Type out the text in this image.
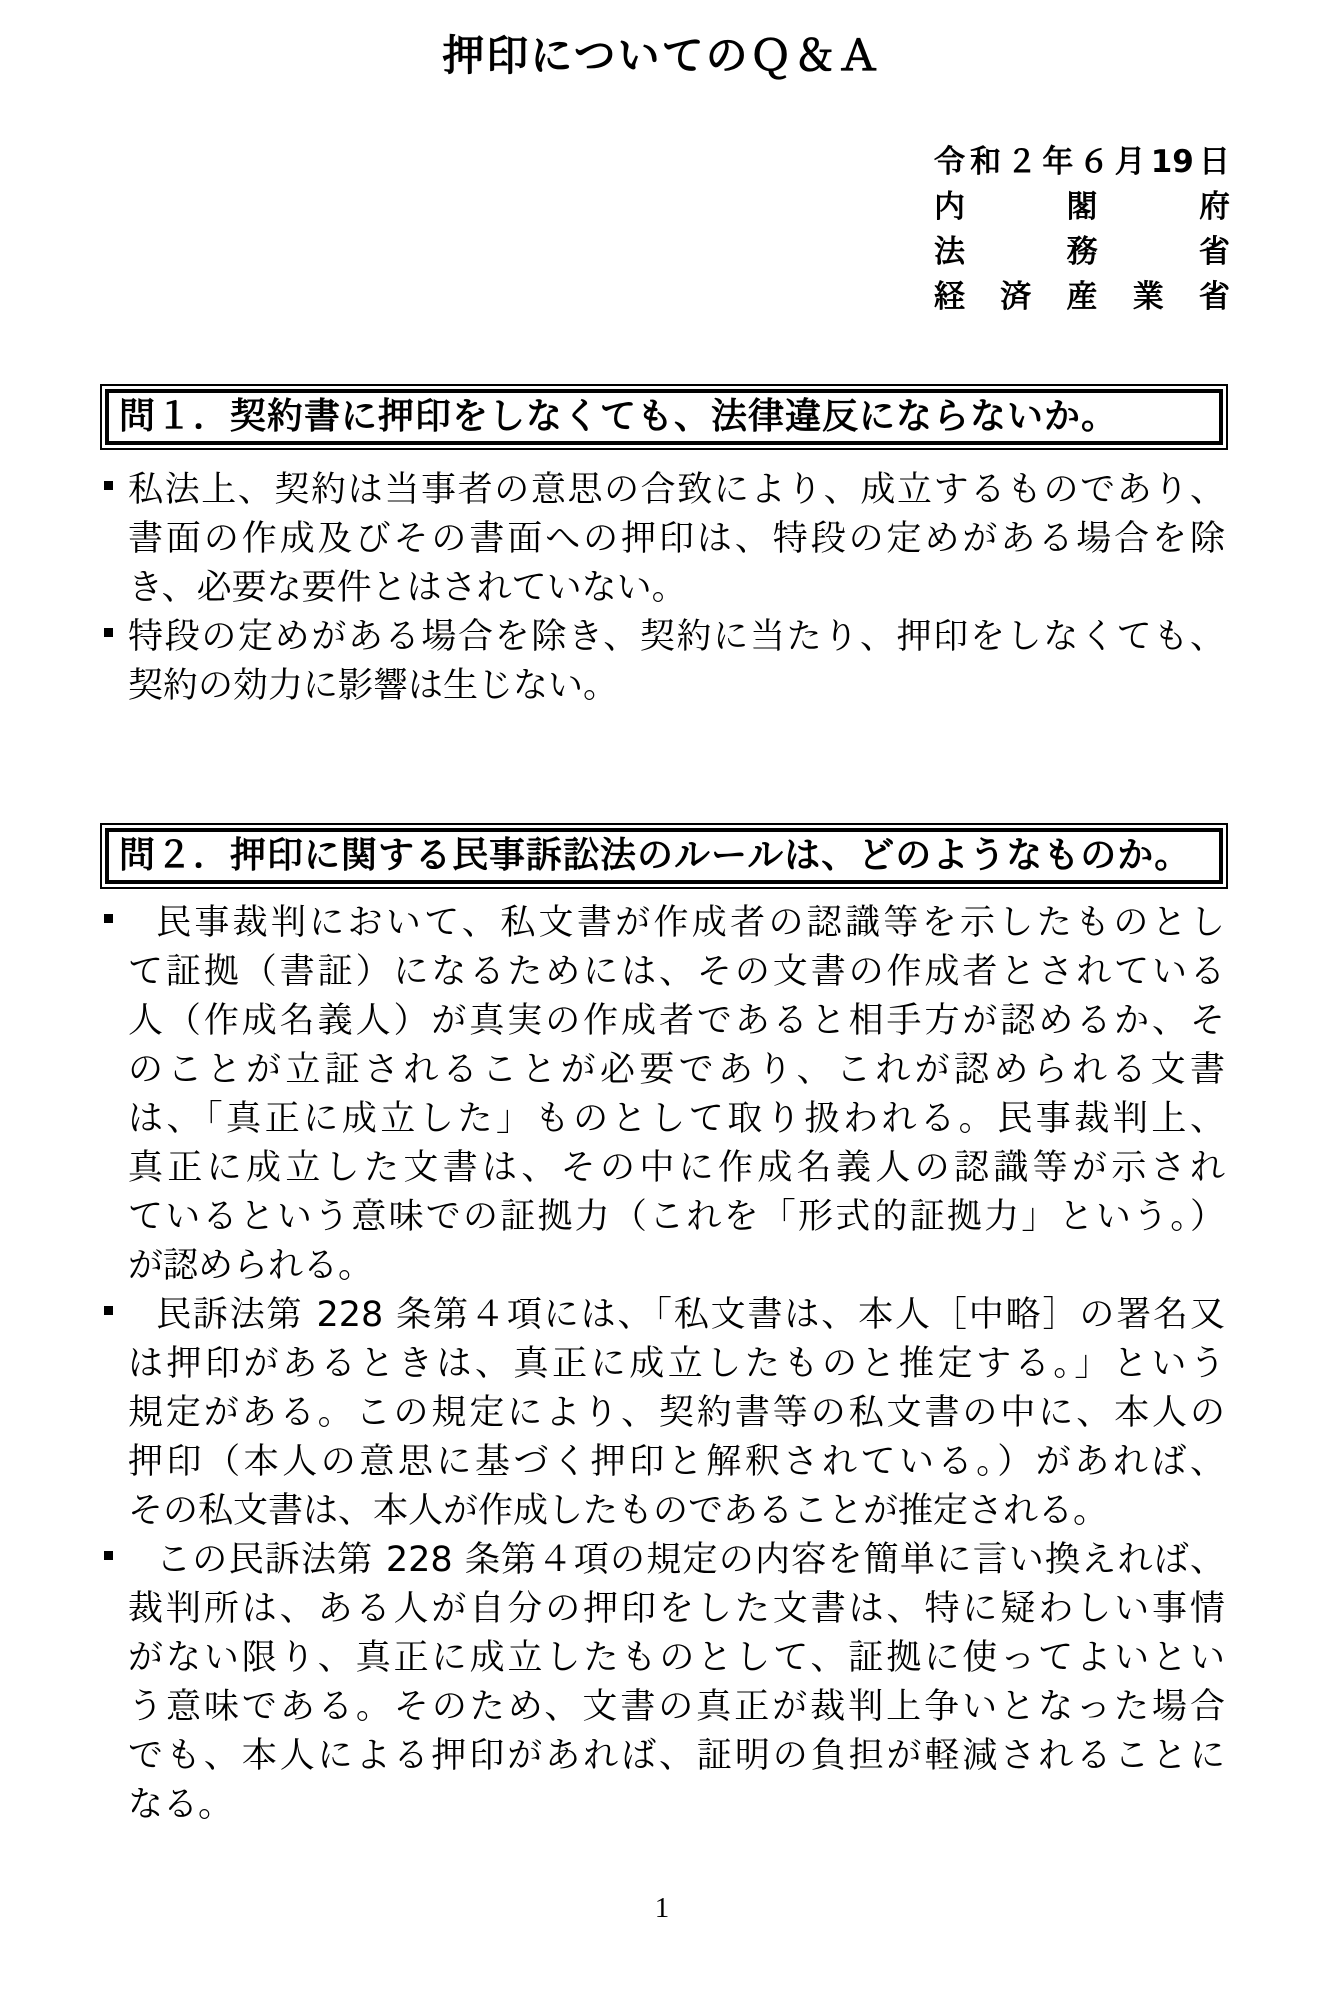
押印についてのＱ＆Ａ
令和２年６月19日
内	閣	府
法	務	省
経 済 産 業 省
問１．契約書に押印をしなくても、法律違反にならないか。
私法上、契約は当事者の意思の合致により、成立するものであり、
書面の作成及びその書面への押印は、特段の定めがある場合を除
き、必要な要件とはされていない。
特段の定めがある場合を除き、契約に当たり、押印をしなくても、
契約の効力に影響は生じない。
問２．押印に関する民事訴訟法のルールは、どのようなものか。
民事裁判において、私文書が作成者の認識等を示したものとし
て証拠（書証）になるためには、その文書の作成者とされている
人（作成名義人）が真実の作成者であると相手方が認めるか、そ
のことが立証されることが必要であり、これが認められる文書
は、「真正に成立した」ものとして取り扱われる。民事裁判上、
真正に成立した文書は、その中に作成名義人の認識等が示され
ているという意味での証拠力（これを「形式的証拠力」という。）
が認められる。
民訴法第 228 条第４項には、「私文書は、本人［中略］の署名又
は押印があるときは、真正に成立したものと推定する。」という
規定がある。この規定により、契約書等の私文書の中に、本人の
押印（本人の意思に基づく押印と解釈されている。）があれば、
その私文書は、本人が作成したものであることが推定される。
この民訴法第 228 条第４項の規定の内容を簡単に言い換えれば、
裁判所は、ある人が自分の押印をした文書は、特に疑わしい事情
がない限り、真正に成立したものとして、証拠に使ってよいとい
う意味である。そのため、文書の真正が裁判上争いとなった場合
でも、本人による押印があれば、証明の負担が軽減されることに
なる。
1
